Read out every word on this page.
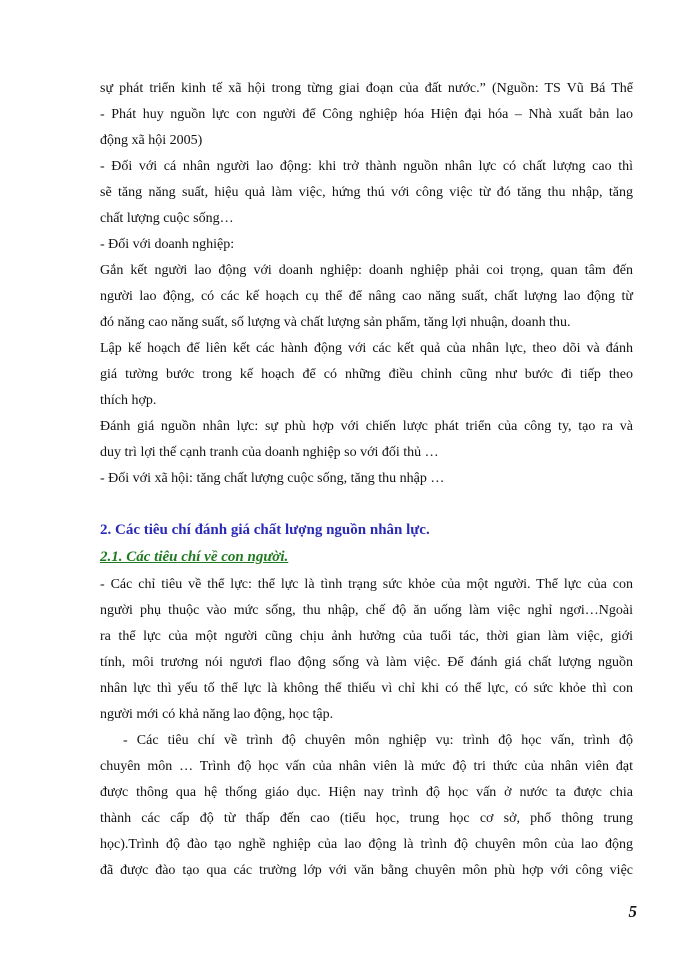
sự phát triển kinh tế xã hội trong từng giai đoạn của đất nước.” (Nguồn: TS Vũ Bá Thể
- Phát huy nguồn lực con người để Công nghiệp hóa Hiện đại hóa – Nhà xuất bản lao
động xã hội 2005)
- Đối với cá nhân người lao động: khi trở thành nguồn nhân lực có chất lượng cao thì
sẽ tăng năng suất, hiệu quả làm việc, hứng thú với công việc từ đó tăng thu nhập, tăng
chất lượng cuộc sống…
- Đối với doanh nghiệp:
Gắn kết người lao động với doanh nghiệp: doanh nghiệp phải coi trọng, quan tâm đến
người lao động, có các kế hoạch cụ thể để nâng cao năng suất, chất lượng lao động từ
đó năng cao năng suất, số lượng và chất lượng sản phẩm, tăng lợi nhuận, doanh thu.
Lập kế hoạch để liên kết các hành động với các kết quả của nhân lực, theo dõi và đánh
giá tường bước trong kế hoạch để có những điều chỉnh cũng như bước đi tiếp theo
thích hợp.
Đánh giá nguồn nhân lực: sự phù hợp với chiến lược phát triển của công ty, tạo ra và
duy trì lợi thế cạnh tranh của doanh nghiệp so với đối thủ …
- Đối với xã hội: tăng chất lượng cuộc sống, tăng thu nhập …
2. Các tiêu chí đánh giá chất lượng nguồn nhân lực.
2.1. Các tiêu chí về con người.
- Các chỉ tiêu về thể lực: thể lực là tình trạng sức khỏe của một người. Thể lực của con
người phụ thuộc vào mức sống, thu nhập, chế độ ăn uống làm việc nghỉ ngơi…Ngoài
ra thể lực của một người cũng chịu ảnh hưởng của tuổi tác, thời gian làm việc, giới
tính, môi trương nói ngươi flao động sống và làm việc. Để đánh giá chất lượng nguồn
nhân lực thì yếu tố thể lực là không thể thiếu vì chỉ khi có thể lực, có sức khỏe thì con
người mới có khả năng lao động, học tập.
- Các tiêu chí về trình độ chuyên môn nghiệp vụ: trình độ học vấn, trình độ
chuyên môn … Trình độ học vấn của nhân viên là mức độ tri thức của nhân viên đạt
được thông qua hệ thống giáo dục. Hiện nay trình độ học vấn ở nước ta được chia
thành các cấp độ từ thấp đến cao (tiểu học, trung học cơ sở, phổ thông trung
học).Trình độ đào tạo nghề nghiệp của lao động là trình độ chuyên môn của lao động
đã được đào tạo qua các trường lớp với văn bằng chuyên môn phù hợp với công việc
5
